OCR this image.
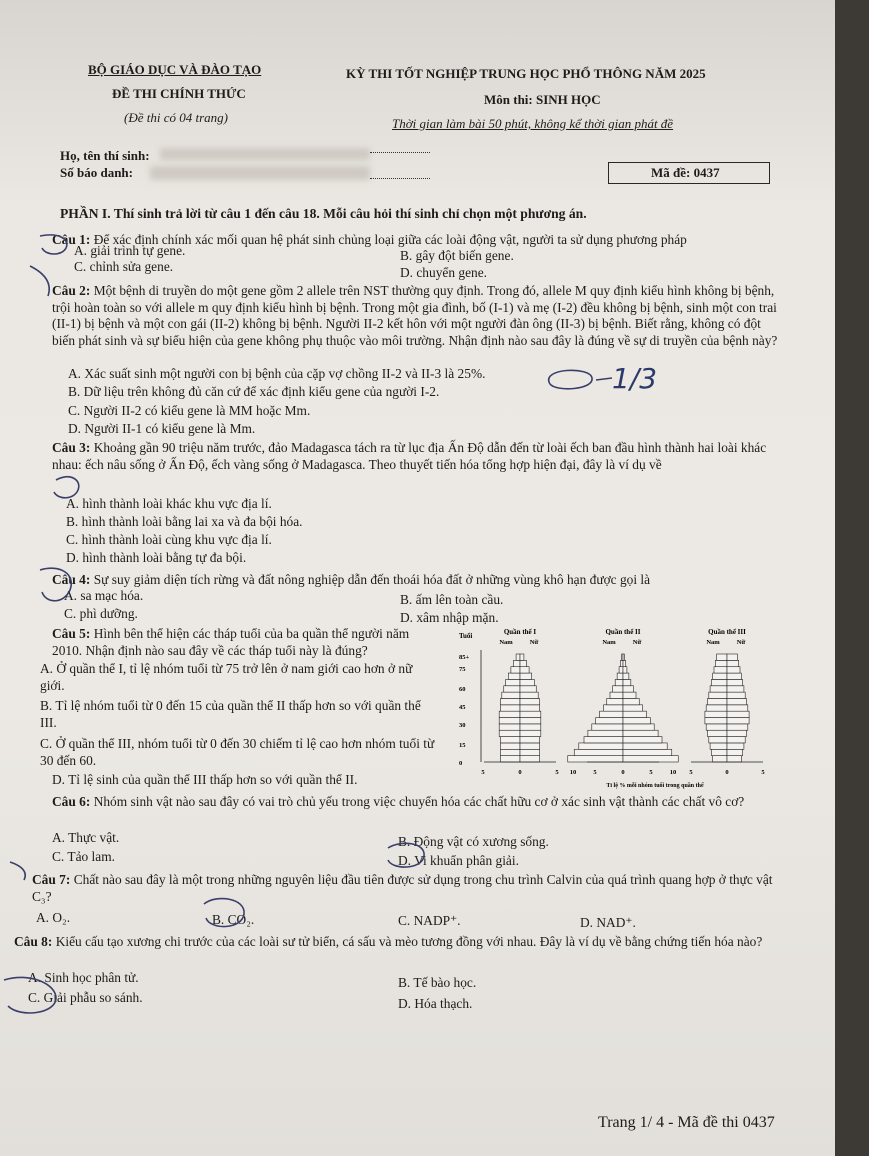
BỘ GIÁO DỤC VÀ ĐÀO TẠO
ĐỀ THI CHÍNH THỨC
(Đề thi có 04 trang)
KỲ THI TỐT NGHIỆP TRUNG HỌC PHỔ THÔNG NĂM 2025
Môn thi: SINH HỌC
Thời gian làm bài 50 phút, không kể thời gian phát đề
Họ, tên thí sinh:
Số báo danh:	Mã đề: 0437
PHẦN I. Thí sinh trả lời từ câu 1 đến câu 18. Mỗi câu hỏi thí sinh chỉ chọn một phương án.
Câu 1: Để xác định chính xác mối quan hệ phát sinh chủng loại giữa các loài động vật, người ta sử dụng phương pháp
A. giải trình tự gene.	B. gây đột biến gene.
C. chỉnh sửa gene.	D. chuyển gene.
Câu 2: Một bệnh di truyền do một gene gồm 2 allele trên NST thường quy định. Trong đó, allele M quy định kiểu hình không bị bệnh, trội hoàn toàn so với allele m quy định kiểu hình bị bệnh. Trong một gia đình, bố (I-1) và mẹ (I-2) đều không bị bệnh, sinh một con trai (II-1) bị bệnh và một con gái (II-2) không bị bệnh. Người II-2 kết hôn với một người đàn ông (II-3) bị bệnh. Biết rằng, không có đột biến phát sinh và sự biểu hiện của gene không phụ thuộc vào môi trường. Nhận định nào sau đây là đúng về sự di truyền của bệnh này?
A. Xác suất sinh một người con bị bệnh của cặp vợ chồng II-2 và II-3 là 25%.
B. Dữ liệu trên không đủ căn cứ để xác định kiểu gene của người I-2.
C. Người II-2 có kiểu gene là MM hoặc Mm.
D. Người II-1 có kiểu gene là Mm.
1/3
Câu 3: Khoảng gần 90 triệu năm trước, đảo Madagasca tách ra từ lục địa Ấn Độ dẫn đến từ loài ếch ban đầu hình thành hai loài khác nhau: ếch nâu sống ở Ấn Độ, ếch vàng sống ở Madagasca. Theo thuyết tiến hóa tổng hợp hiện đại, đây là ví dụ về
A. hình thành loài khác khu vực địa lí.
B. hình thành loài bằng lai xa và đa bội hóa.
C. hình thành loài cùng khu vực địa lí.
D. hình thành loài bằng tự đa bội.
Câu 4: Sự suy giảm diện tích rừng và đất nông nghiệp dẫn đến thoái hóa đất ở những vùng khô hạn được gọi là
A. sa mạc hóa.	B. ấm lên toàn cầu.
C. phì dưỡng.	D. xâm nhập mặn.
Câu 5: Hình bên thể hiện các tháp tuổi của ba quần thể người năm 2010. Nhận định nào sau đây về các tháp tuổi này là đúng?
A. Ở quần thể I, tỉ lệ nhóm tuổi từ 75 trở lên ở nam giới cao hơn ở nữ giới.
B. Tỉ lệ nhóm tuổi từ 0 đến 15 của quần thể II thấp hơn so với quần thể III.
C. Ở quần thể III, nhóm tuổi từ 0 đến 30 chiếm tỉ lệ cao hơn nhóm tuổi từ 30 đến 60.
D. Tỉ lệ sinh của quần thể III thấp hơn so với quần thể II.
Tuổi
85+
75
60
45
30
15
0
Quần thể I
Nam	Nữ
Quần thể II
Nam	Nữ
Quần thể III
Nam	Nữ
5	0	5 10	5	0	5	10 5	0	5
Tỉ lệ % mỗi nhóm tuổi trong quần thể
Câu 6: Nhóm sinh vật nào sau đây có vai trò chủ yếu trong việc chuyển hóa các chất hữu cơ ở xác sinh vật thành các chất vô cơ?
A. Thực vật.	B. Động vật có xương sống.
C. Tảo lam.	D. Vi khuẩn phân giải.
Câu 7: Chất nào sau đây là một trong những nguyên liệu đầu tiên được sử dụng trong chu trình Calvin của quá trình quang hợp ở thực vật C₃?
A. O₂.	B. CO₂.	C. NADP⁺.	D. NAD⁺.
Câu 8: Kiểu cấu tạo xương chi trước của các loài sư tử biển, cá sấu và mèo tương đồng với nhau. Đây là ví dụ về bằng chứng tiến hóa nào?
A. Sinh học phân tử.	B. Tế bào học.
C. Giải phẫu so sánh.	D. Hóa thạch.
Trang 1/ 4 - Mã đề thi 0437
